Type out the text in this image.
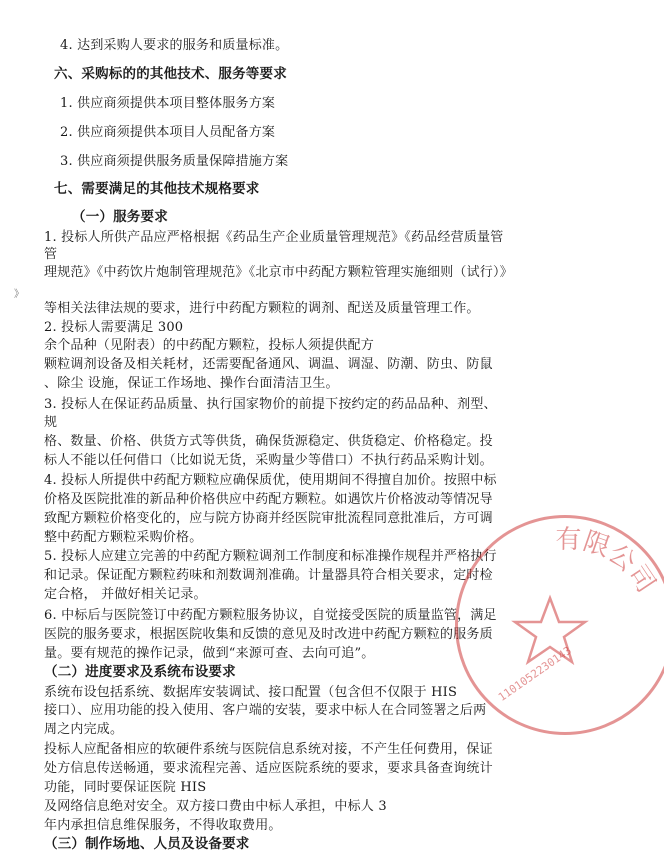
4. 达到采购人要求的服务和质量标准。
六、采购标的的其他技术、服务等要求
1. 供应商须提供本项目整体服务方案
2. 供应商须提供本项目人员配备方案
3. 供应商须提供服务质量保障措施方案
七、需要满足的其他技术规格要求
（一）服务要求
1. 投标人所供产品应严格根据《药品生产企业质量管理规范》《药品经营质量管
管
理规范》《中药饮片炮制管理规范》《北京市中药配方颗粒管理实施细则（试行）》
》
等相关法律法规的要求，进行中药配方颗粒的调剂、配送及质量管理工作。
2. 投标人需要满足 300
余个品种（见附表）的中药配方颗粒，投标人须提供配方
颗粒调剂设备及相关耗材，还需要配备通风、调温、调湿、防潮、防虫、防鼠
、除尘 设施，保证工作场地、操作台面清洁卫生。
3. 投标人在保证药品质量、执行国家物价的前提下按约定的药品品种、剂型、
规
格、数量、价格、供货方式等供货，确保货源稳定、供货稳定、价格稳定。投
标人不能以任何借口（比如说无货，采购量少等借口）不执行药品采购计划。
4. 投标人所提供中药配方颗粒应确保质优，使用期间不得擅自加价。按照中标
价格及医院批准的新品种价格供应中药配方颗粒。如遇饮片价格波动等情况导
致配方颗粒价格变化的，应与院方协商并经医院审批流程同意批准后，方可调
整中药配方颗粒采购价格。
5. 投标人应建立完善的中药配方颗粒调剂工作制度和标准操作规程并严格执行
和记录。保证配方颗粒药味和剂数调剂准确。计量器具符合相关要求，定时检
定合格， 并做好相关记录。
6. 中标后与医院签订中药配方颗粒服务协议，自觉接受医院的质量监管，满足
医院的服务要求，根据医院收集和反馈的意见及时改进中药配方颗粒的服务质
量。要有规范的操作记录，做到“来源可查、去向可追”。
（二）进度要求及系统布设要求
系统布设包括系统、数据库安装调试、接口配置（包含但不仅限于 HIS
接口）、应用功能的投入使用、客户端的安装，要求中标人在合同签署之后两
周之内完成。
投标人应配备相应的软硬件系统与医院信息系统对接，不产生任何费用，保证
处方信息传送畅通，要求流程完善、适应医院系统的要求，要求具备查询统计
功能，同时要保证医院 HIS
及网络信息绝对安全。双方接口费由中标人承担，中标人 3
年内承担信息维保服务，不得收取费用。
（三）制作场地、人员及设备要求
有限公司
1101052230143
